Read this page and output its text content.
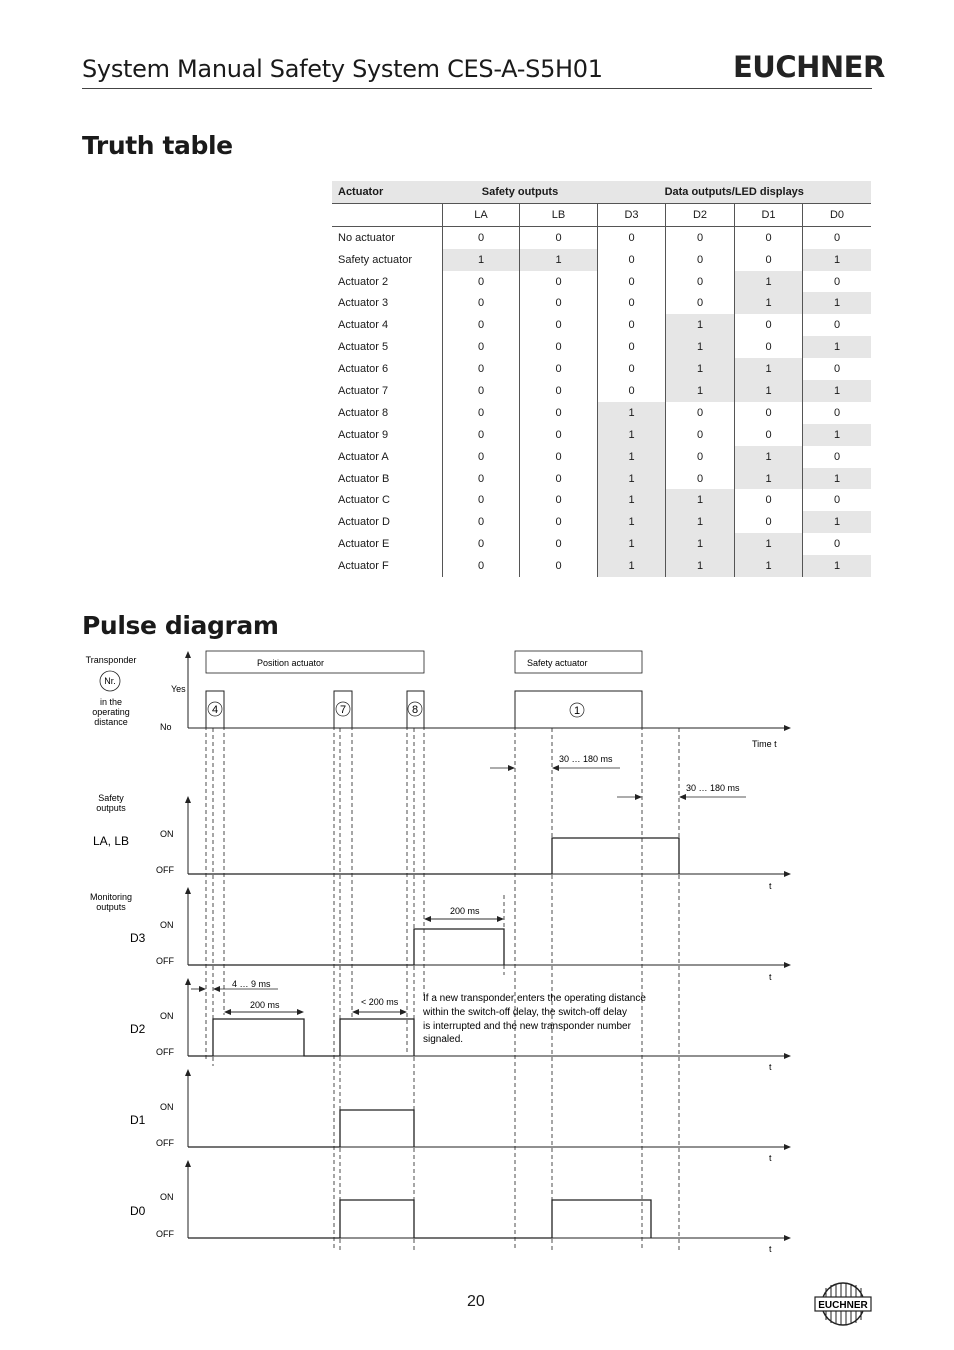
System Manual Safety System CES-A-S5H01	EUCHNER
Truth table
Actuator	Safety outputs		Data outputs/LED displays			
	LA	LB	D3	D2	D1	D0
No actuator	0	0	0	0	0	0
Safety actuator	1	1	0	0	0	1
Actuator 2	0	0	0	0	1	0
Actuator 3	0	0	0	0	1	1
Actuator 4	0	0	0	1	0	0
Actuator 5	0	0	0	1	0	1
Actuator 6	0	0	0	1	1	0
Actuator 7	0	0	0	1	1	1
Actuator 8	0	0	1	0	0	0
Actuator 9	0	0	1	0	0	1
Actuator A	0	0	1	0	1	0
Actuator B	0	0	1	0	1	1
Actuator C	0	0	1	1	0	0
Actuator D	0	0	1	1	0	1
Actuator E	0	0	1	1	1	0
Actuator F	0	0	1	1	1	1
Pulse diagram
Transponder
Nr.
in the
operating
distance
Yes
No
Safety
outputs
LA, LB
Monitoring
outputs
D3
D2
D1
D0
ON
OFF
ON
OFF
ON
OFF
ON
OFF
ON
OFF
Time t
t
t
t
t
t
Position actuator	Safety actuator
4	7	8	1
30 … 180 ms
30 … 180 ms
200 ms
4 … 9 ms
200 ms	< 200 ms If a new transponder enters the operating distance
within the switch-off delay, the switch-off delay
is interrupted and the new transponder number
signaled.
20	EUCHNER
